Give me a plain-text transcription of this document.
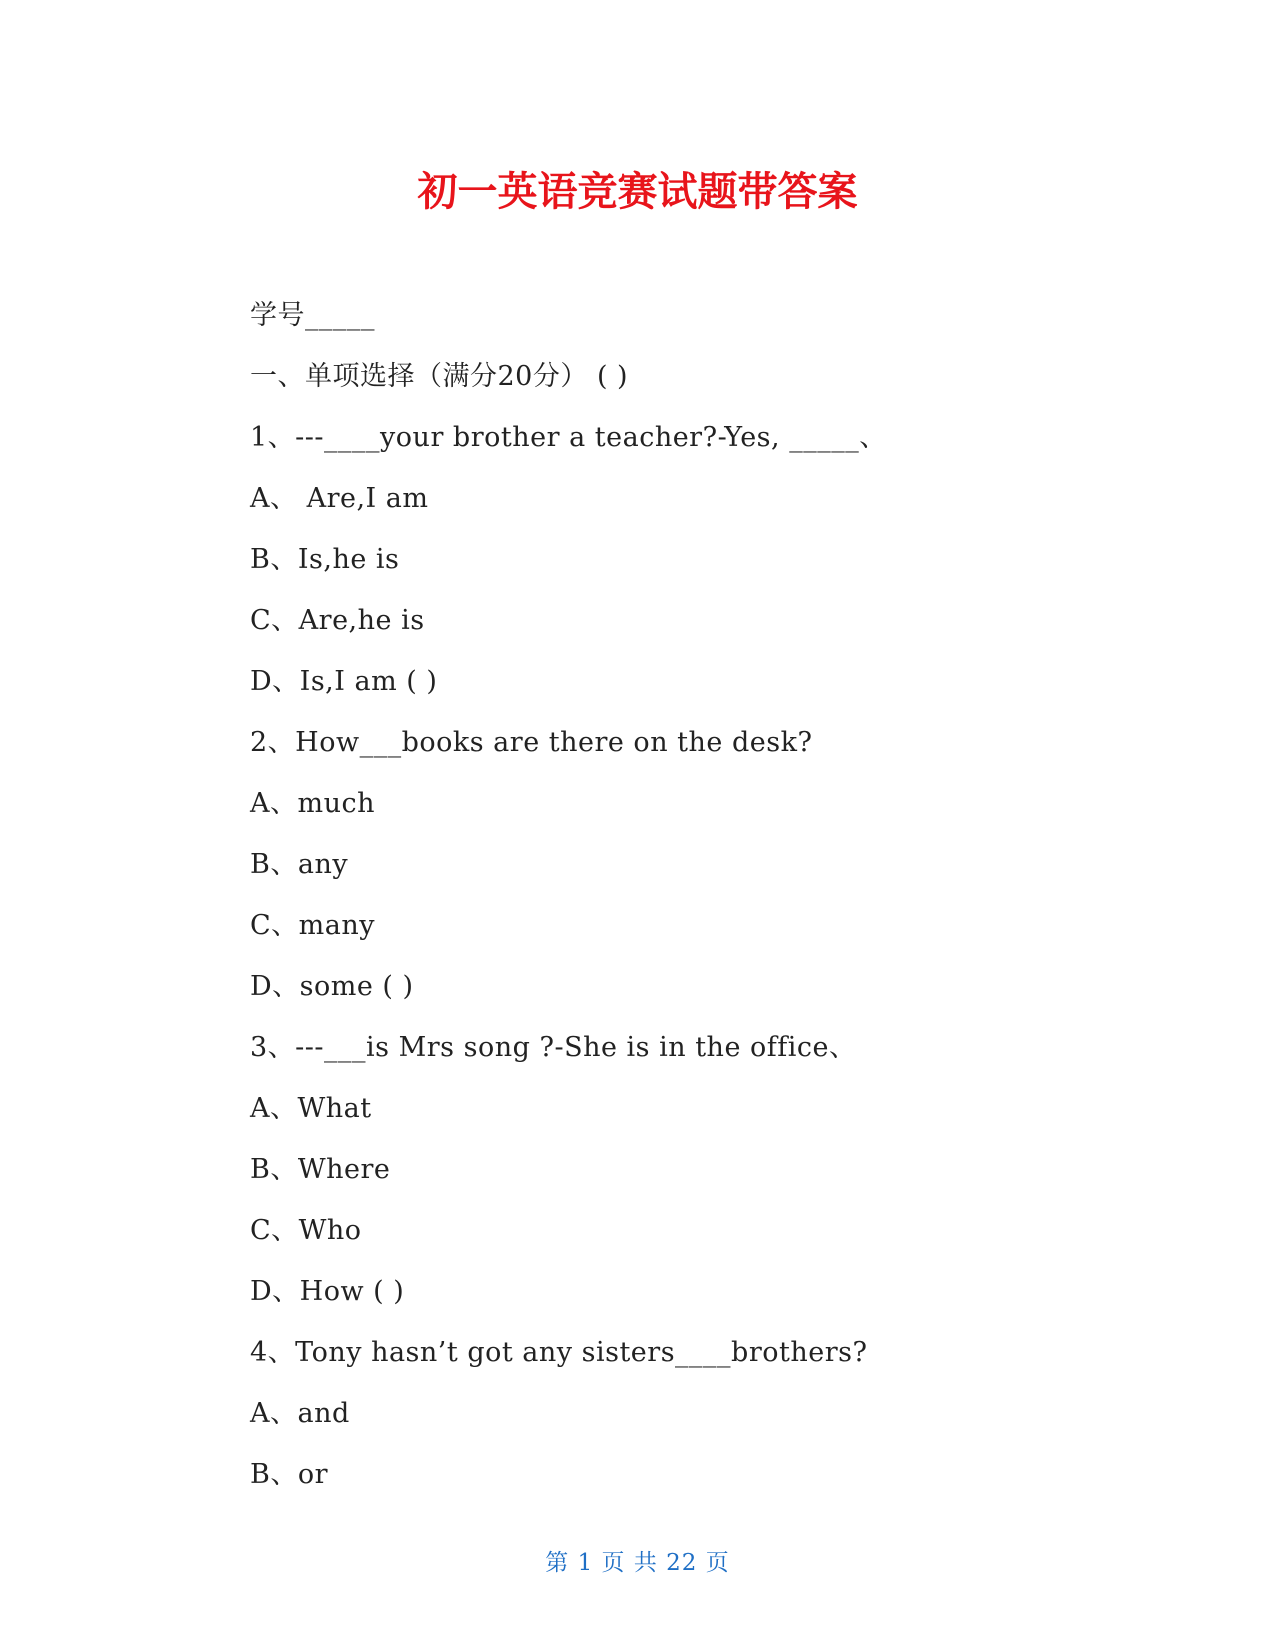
初一英语竞赛试题带答案
学号_____
一、单项选择（满分20分） ( )
1、---____your brother a teacher?-Yes, _____、
A、 Are,I am
B、Is,he is
C、Are,he is
D、Is,I am ( )
2、How___books are there on the desk?
A、much
B、any
C、many
D、some ( )
3、---___is Mrs song ?-She is in the office、
A、What
B、Where
C、Who
D、How ( )
4、Tony hasn’t got any sisters____brothers?
A、and
B、or
第 1 页 共 22 页
